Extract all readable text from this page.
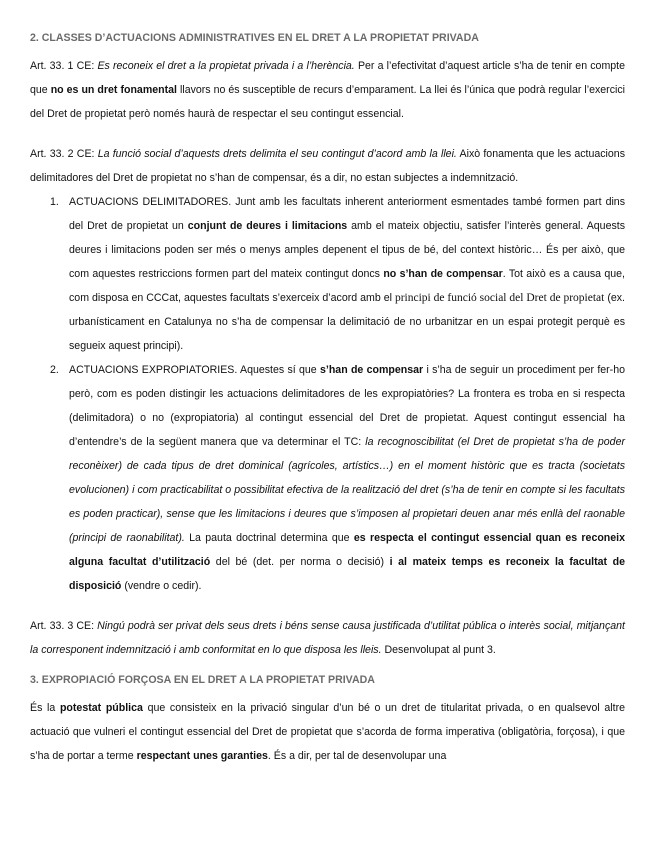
2. CLASSES D’ACTUACIONS ADMINISTRATIVES EN EL DRET A LA PROPIETAT PRIVADA

Art. 33. 1 CE: Es reconeix el dret a la propietat privada i a l’herència. Per a l’efectivitat d’aquest article s’ha de tenir en compte que no es un dret fonamental llavors no és susceptible de recurs d’emparament. La llei és l’única que podrà regular l’exercici del Dret de propietat però només haurà de respectar el seu contingut essencial.

Art. 33. 2 CE: La funció social d’aquests drets delimita el seu contingut d’acord amb la llei. Això fonamenta que les actuacions delimitadores del Dret de propietat no s’han de compensar, és a dir, no estan subjectes a indemnització.

1. ACTUACIONS DELIMITADORES. Junt amb les facultats inherent anteriorment esmentades també formen part dins del Dret de propietat un conjunt de deures i limitacions amb el mateix objectiu, satisfer l’interès general. Aquests deures i limitacions poden ser més o menys amples depenent el tipus de bé, del context històric… És per això, que com aquestes restriccions formen part del mateix contingut doncs no s’han de compensar. Tot això es a causa que, com disposa en CCCat, aquestes facultats s’exerceix d’acord amb el principi de funció social del Dret de propietat (ex. urbanísticament en Catalunya no s’ha de compensar la delimitació de no urbanitzar en un espai protegit perquè es segueix aquest principi).

2. ACTUACIONS EXPROPIATORIES. Aquestes sí que s’han de compensar i s’ha de seguir un procediment per fer-ho però, com es poden distingir les actuacions delimitadores de les expropiatòries? La frontera es troba en si respecta (delimitadora) o no (expropiatoria) al contingut essencial del Dret de propietat. Aquest contingut essencial ha d’entendre’s de la següent manera que va determinar el TC: la recognoscibilitat (el Dret de propietat s’ha de poder reconèixer) de cada tipus de dret dominical (agrícoles, artístics…) en el moment històric que es tracta (societats evolucionen) i com practicabilitat o possibilitat efectiva de la realització del dret (s’ha de tenir en compte si les facultats es poden practicar), sense que les limitacions i deures que s’imposen al propietari deuen anar més enllà del raonable (principi de raonabilitat). La pauta doctrinal determina que es respecta el contingut essencial quan es reconeix alguna facultat d’utilització del bé (det. per norma o decisió) i al mateix temps es reconeix la facultat de disposició (vendre o cedir).

Art. 33. 3 CE: Ningú podrà ser privat dels seus drets i béns sense causa justificada d’utilitat pública o interès social, mitjançant la corresponent indemnització i amb conformitat en lo que disposa les lleis. Desenvolupat al punt 3.

3. EXPROPIACIÓ FORÇOSA EN EL DRET A LA PROPIETAT PRIVADA

És la potestat pública que consisteix en la privació singular d’un bé o un dret de titularitat privada, o en qualsevol altre actuació que vulneri el contingut essencial del Dret de propietat que s’acorda de forma imperativa (obligatòria, forçosa), i que s’ha de portar a terme respectant unes garanties. És a dir, per tal de desenvolupar una
